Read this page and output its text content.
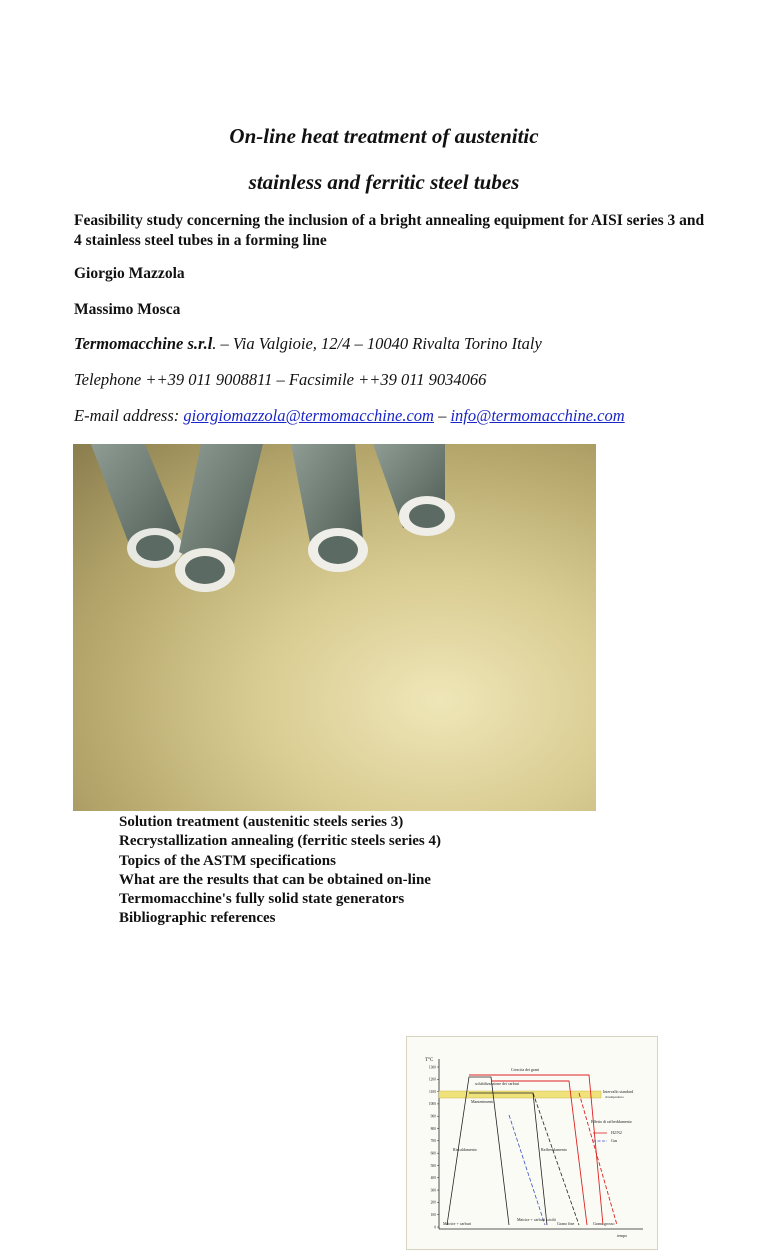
On-line heat treatment of austenitic
stainless and ferritic steel tubes

Feasibility study concerning the inclusion of a bright annealing equipment for AISI series 3 and 4 stainless steel tubes in a forming line

Giorgio Mazzola

Massimo Mosca

Termomacchine s.r.l. – Via Valgioie, 12/4 – 10040 Rivalta Torino Italy

Telephone ++39 011 9008811 – Facsimile ++39 011 9034066

E-mail address: giorgiomazzola@termomacchine.com – info@termomacchine.com

T°C
1300
1200
1100
1000
900
800
700
600
500
400
300
200
100
0
tempo
Crescita dei grani
solubilizzazione dei carburi
Intervallo standard
di temperatura
Mantenimento
Riscaldamento	Raffreddamento
Effetto di raffreddamento
H2/N2
Gas
Matrice + carburi
Matrice + carburi sciolti
Grano fine	Grano grosso
Solution treatment (austenitic steels series 3)
Recrystallization annealing (ferritic steels series 4)
Topics of the ASTM specifications
What are the results that can be obtained on-line
Termomacchine's fully solid state generators
Bibliographic references
